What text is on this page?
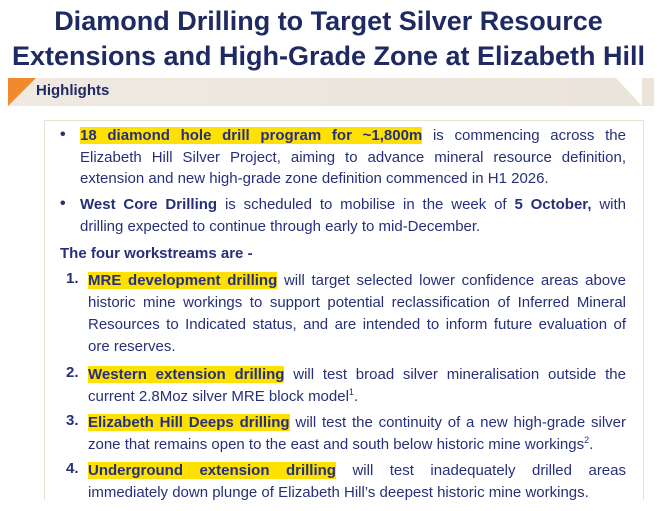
Diamond Drilling to Target Silver Resource
Extensions and High-Grade Zone at Elizabeth Hill
Highlights
• 18 diamond hole drill program for ~1,800m is commencing across the
Elizabeth Hill Silver Project, aiming to advance mineral resource definition,
extension and new high-grade zone definition commenced in H1 2026.
• West Core Drilling is scheduled to mobilise in the week of 5 October, with
drilling expected to continue through early to mid-December.
The four workstreams are -
1. MRE development drilling will target selected lower confidence areas above
historic mine workings to support potential reclassification of Inferred Mineral
Resources to Indicated status, and are intended to inform future evaluation of
ore reserves.
2. Western extension drilling will test broad silver mineralisation outside the
current 2.8Moz silver MRE block model$^1$.
3. Elizabeth Hill Deeps drilling will test the continuity of a new high-grade silver
zone that remains open to the east and south below historic mine workings$^2$.
4. Underground extension drilling will test inadequately drilled areas
immediately down plunge of Elizabeth Hill’s deepest historic mine workings.
